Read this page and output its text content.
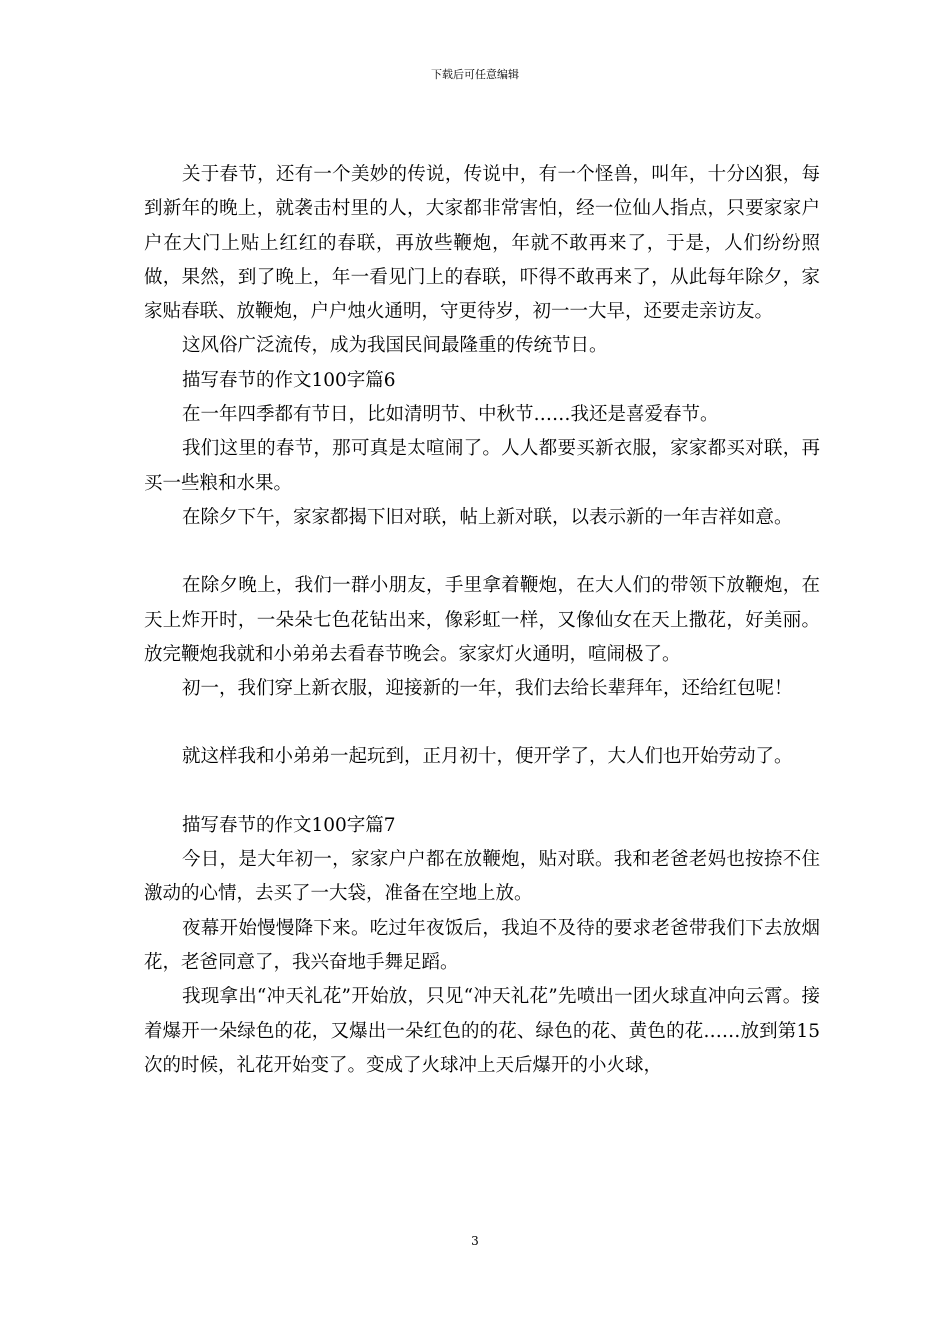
下载后可任意编辑

关于春节，还有一个美妙的传说，传说中，有一个怪兽，叫年，十分凶狠，每到新年的晚上，就袭击村里的人，大家都非常害怕，经一位仙人指点，只要家家户户在大门上贴上红红的春联，再放些鞭炮，年就不敢再来了，于是，人们纷纷照做，果然，到了晚上，年一看见门上的春联，吓得不敢再来了，从此每年除夕，家家贴春联、放鞭炮，户户烛火通明，守更待岁，初一一大早，还要走亲访友。

这风俗广泛流传，成为我国民间最隆重的传统节日。

描写春节的作文100字篇6

在一年四季都有节日，比如清明节、中秋节……我还是喜爱春节。

我们这里的春节，那可真是太喧闹了。人人都要买新衣服，家家都买对联，再买一些粮和水果。

在除夕下午，家家都揭下旧对联，帖上新对联，以表示新的一年吉祥如意。

在除夕晚上，我们一群小朋友，手里拿着鞭炮，在大人们的带领下放鞭炮，在天上炸开时，一朵朵七色花钻出来，像彩虹一样，又像仙女在天上撒花，好美丽。放完鞭炮我就和小弟弟去看春节晚会。家家灯火通明，喧闹极了。

初一，我们穿上新衣服，迎接新的一年，我们去给长辈拜年，还给红包呢！

就这样我和小弟弟一起玩到，正月初十，便开学了，大人们也开始劳动了。

描写春节的作文100字篇7

今日，是大年初一，家家户户都在放鞭炮，贴对联。我和老爸老妈也按捺不住激动的心情，去买了一大袋，准备在空地上放。

夜幕开始慢慢降下来。吃过年夜饭后，我迫不及待的要求老爸带我们下去放烟花，老爸同意了，我兴奋地手舞足蹈。

我现拿出“冲天礼花”开始放，只见“冲天礼花”先喷出一团火球直冲向云霄。接着爆开一朵绿色的花，又爆出一朵红色的的花、绿色的花、黄色的花……放到第15次的时候，礼花开始变了。变成了火球冲上天后爆开的小火球，

3
